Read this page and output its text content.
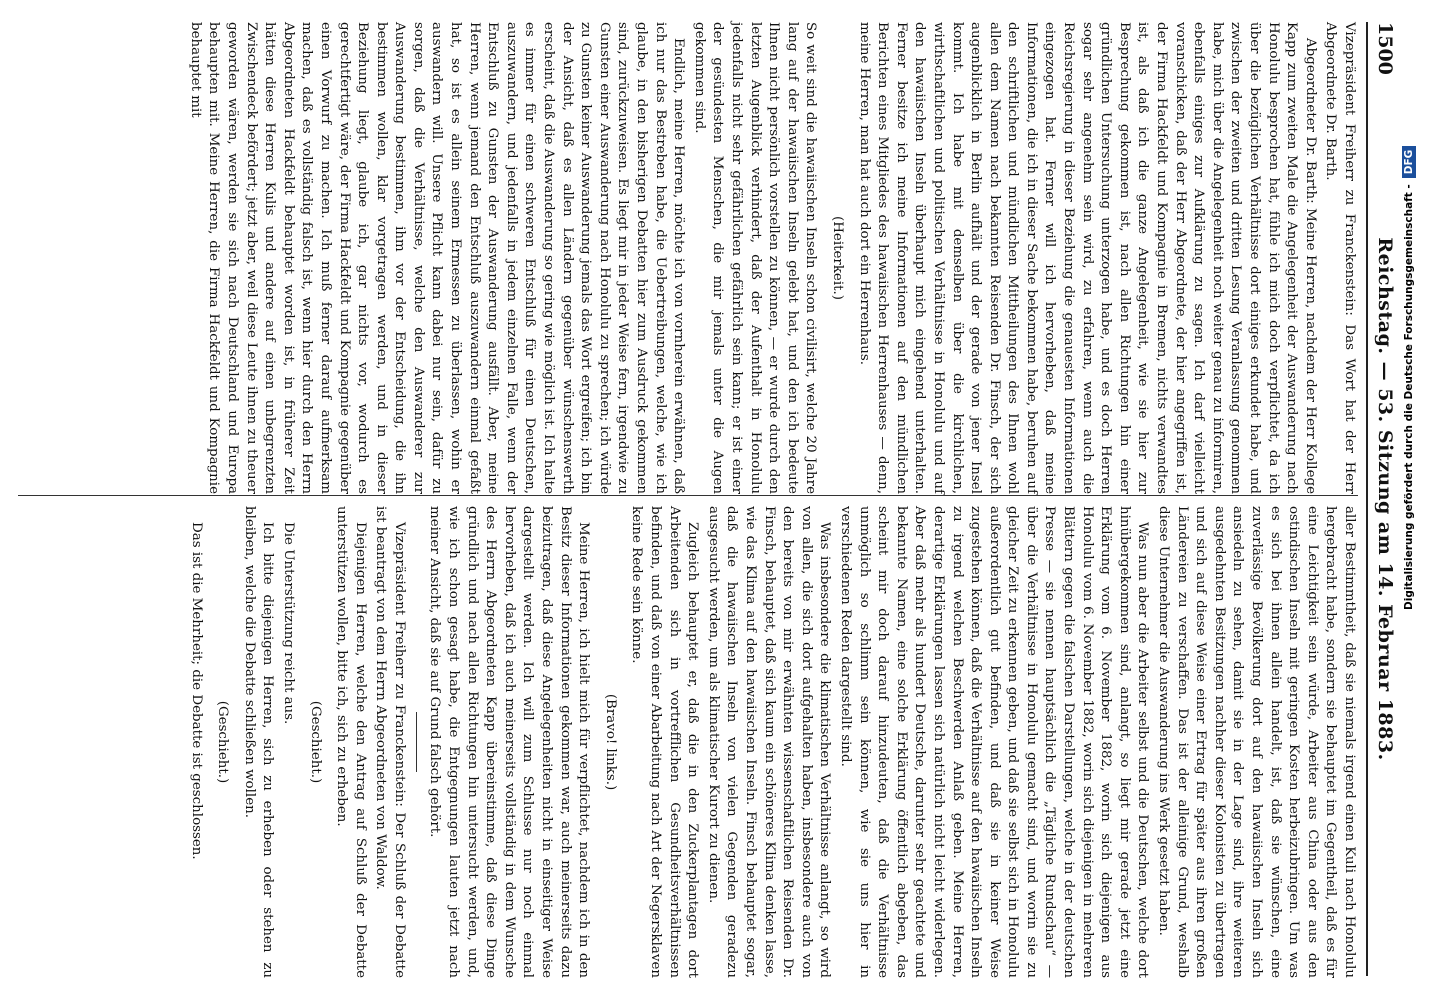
1500
Reichstag. — 53. Sitzung am 14. Februar 1883.

Vizepräsident Freiherr zu Franckenstein: Das Wort hat der Herr Abgeordnete Dr. Barth.

Abgeordneter Dr. Barth: Meine Herren, nachdem der Herr Kollege Kapp zum zweiten Male die Angelegenheit der Auswanderung nach Honolulu besprochen hat, fühle ich mich doch verpflichtet, da ich über die bezüglichen Verhältnisse dort einiges erkundet habe, und zwischen der zweiten und dritten Lesung Veranlassung genommen habe, mich über die Angelegenheit noch weiter genau zu informiren, ebenfalls einiges zur Aufklärung zu sagen. Ich darf vielleicht voranschicken, daß der Herr Abgeordnete, der hier angegriffen ist, der Firma Hackfeldt und Kompagnie in Bremen, nichts verwandtes ist, als daß ich die ganze Angelegenheit, wie sie hier zur Besprechung gekommen ist, nach allen Richtungen hin einer gründlichen Untersuchung unterzogen habe, und es doch Herren sogar sehr angenehm sein wird, zu erfahren, wenn auch die Reichsregierung in dieser Beziehung die genauesten Informationen eingezogen hat. Ferner will ich hervorheben, daß meine Informationen, die ich in dieser Sache bekommen habe, beruhen auf den schriftlichen und mündlichen Mittheilungen des Ihnen wohl allen dem Namen nach bekannten Reisenden Dr. Finsch, der sich augenblicklich in Berlin aufhält und der gerade von jener Insel kommt. Ich habe mit demselben über die kirchlichen, wirthschaftlichen und politischen Verhältnisse in Honolulu und auf den hawaiischen Inseln überhaupt mich eingehend unterhalten. Ferner besitze ich meine Informationen auf den mündlichen Berichten eines Mitgliedes des hawaiischen Herrenhauses — denn, meine Herren, man hat auch dort ein Herrenhaus.

(Heiterkeit.)

So weit sind die hawaiischen Inseln schon civilisirt, welche 20 Jahre lang auf der hawaiischen Inseln gelebt hat, und den ich bedeute Ihnen nicht persönlich vorstellen zu können, — er wurde durch den letzten Augenblick verhindert, daß der Aufenthalt in Honolulu jedenfalls nicht sehr gefährlichen gefährlich sein kann; er ist einer der gesündesten Menschen, die mir jemals unter die Augen gekommen sind.

Endlich, meine Herren, möchte ich von vornherein erwähnen, daß ich nur das Bestreben habe, die Uebertreibungen, welche, wie ich glaube, in den bisherigen Debatten hier zum Ausdruck gekommen sind, zurückzuweisen. Es liegt mir in jeder Weise fern, irgendwie zu Gunsten einer Auswanderung nach Honolulu zu sprechen; ich würde zu Gunsten keiner Auswanderung jemals das Wort ergreifen; ich bin der Ansicht, daß es allen Ländern gegenüber wünschenswerth erscheint, daß die Auswanderung so gering wie möglich ist. Ich halte es immer für einen schweren Entschluß für einen Deutschen, auszuwandern, und jedenfalls in jedem einzelnen Falle, wenn der Entschluß zu Gunsten der Auswanderung ausfällt. Aber, meine Herren, wenn jemand den Entschluß auszuwandern einmal gefaßt hat, so ist es allein seinem Ermessen zu überlassen, wohin er auswandern will. Unsere Pflicht kann dabei nur sein, dafür zu sorgen, daß die Verhältnisse, welche den Auswanderer zur Auswanderung bestimmen, ihm vor der Entscheidung, die ihn bestimmen wollen, klar vorgetragen werden, und in dieser Beziehung liegt, glaube ich, gar nichts vor, wodurch es gerechtfertigt wäre, der Firma Hackfeldt und Kompagnie gegenüber einen Vorwurf zu machen. Ich muß ferner darauf aufmerksam machen, daß es vollständig falsch ist, wenn hier durch den Herrn Abgeordneten Hackfeldt behauptet worden ist, in früherer Zeit hätten diese Herren Kulis und andere auf einen unbegrenzten Zwischendeck befördert; jetzt aber, weil diese Leute ihnen zu theuer geworden wären, werden sie sich nach Deutschland und Europa behaupten mit. Meine Herren, die Firma Hackfeldt und Kompagnie behauptet mit

aller Bestimmtheit, daß sie niemals irgend einen Kuli nach Honolulu hergebracht habe, sondern sie behauptet im Gegentheil, daß es für eine Leichtigkeit sein würde, Arbeiter aus China oder aus den ostindischen Inseln mit geringen Kosten herbeizubringen. Um was es sich bei ihnen allein handelt, ist, daß sie wünschen, eine zuverlässige Bevölkerung dort auf den hawaiischen Inseln sich ansiedeln zu sehen, damit sie in der Lage sind, ihre weiteren ausgedehnten Besitzungen nachher dieser Kolonisten zu übertragen und sich auf diese Weise einer Ertrag für später aus ihren großen Ländereien zu verschaffen. Das ist der alleinige Grund, weshalb diese Unternehmer die Auswanderung ins Werk gesetzt haben.

Was nun aber die Arbeiter selbst und die Deutschen, welche dort hinübergekommen sind, anlangt, so liegt mir gerade jetzt eine Erklärung vom 6. November 1882, worin sich diejenigen aus Honolulu vom 6. November 1882, worin sich diejenigen in mehreren Blättern gegen die falschen Darstellungen, welche in der deutschen Presse — sie nennen hauptsächlich die „Tägliche Rundschau“ — über die Verhältnisse in Honolulu gemacht sind, und worin sie zu gleicher Zeit zu erkennen geben, und daß sie selbst sich in Honolulu außerordentlich gut befinden, und daß sie in keiner Weise zugestehen können, daß die Verhältnisse auf den hawaiischen Inseln zu irgend welchen Beschwerden Anlaß geben. Meine Herren, derartige Erklärungen lassen sich natürlich nicht leicht widerlegen. Aber daß mehr als hundert Deutsche, darunter sehr geachtete und bekannte Namen, eine solche Erklärung öffentlich abgeben, das scheint mir doch darauf hinzudeuten, daß die Verhältnisse unmöglich so schlimm sein können, wie sie uns hier in verschiedenen Reden dargestellt sind.

Was insbesondere die klimatischen Verhältnisse anlangt, so wird von allen, die sich dort aufgehalten haben, insbesondere auch von den bereits von mir erwähnten wissenschaftlichen Reisenden Dr. Finsch, behauptet, daß sich kaum ein schöneres Klima denken lasse, wie das Klima auf den hawaiischen Inseln. Finsch behauptet sogar, daß die hawaiischen Inseln von vielen Gegenden geradezu ausgesucht werden, um als klimatischer Kurort zu dienen.

Zugleich behauptet er, daß die in den Zuckerplantagen dort Arbeitenden sich in vortrefflichen Gesundheitsverhältnissen befinden, und daß von einer Abarbeitung nach Art der Negersklaven keine Rede sein könne.

(Bravo! links.)

Meine Herren, ich hielt mich für verpflichtet, nachdem ich in den Besitz dieser Informationen gekommen war, auch meinerseits dazu beizutragen, daß diese Angelegenheiten nicht in einseitiger Weise dargestellt werden. Ich will zum Schlusse nur noch einmal hervorheben, daß ich auch meinerseits vollständig in dem Wunsche des Herrn Abgeordneten Kapp übereinstimme, daß diese Dinge gründlich und nach allen Richtungen hin untersucht werden, und, wie ich schon gesagt habe, die Entgegnungen lauten jetzt nach meiner Ansicht, daß sie auf Grund falsch gehört.

Vizepräsident Freiherr zu Franckenstein: Der Schluß der Debatte ist beantragt von dem Herrn Abgeordneten von Waldow.

Diejenigen Herren, welche den Antrag auf Schluß der Debatte unterstützen wollen, bitte ich, sich zu erheben.

(Geschieht.)

Die Unterstützung reicht aus.

Ich bitte diejenigen Herren, sich zu erheben oder stehen zu bleiben, welche die Debatte schließen wollen.

(Geschieht.)

Das ist die Mehrheit; die Debatte ist geschlossen.

Digitalisierung gefördert durch die Deutsche Forschungsgemeinschaft -DFG
